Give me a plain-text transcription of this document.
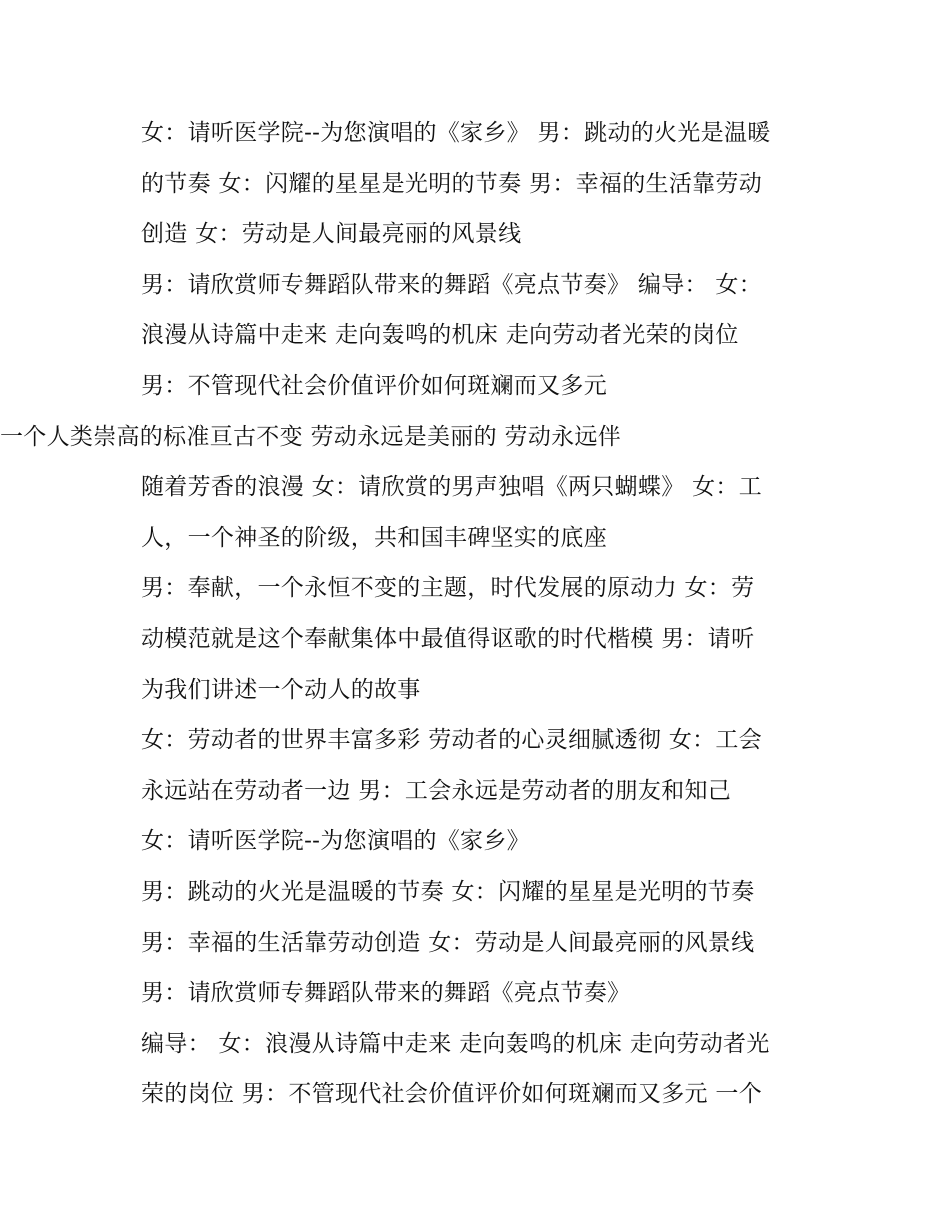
女：请听医学院--为您演唱的《家乡》 男：跳动的火光是温暖
的节奏 女：闪耀的星星是光明的节奏 男：幸福的生活靠劳动
创造 女：劳动是人间最亮丽的风景线
男：请欣赏师专舞蹈队带来的舞蹈《亮点节奏》 编导： 女：
浪漫从诗篇中走来 走向轰鸣的机床 走向劳动者光荣的岗位
男：不管现代社会价值评价如何斑斓而又多元
一个人类崇高的标准亘古不变 劳动永远是美丽的 劳动永远伴
随着芳香的浪漫 女：请欣赏的男声独唱《两只蝴蝶》 女：工
人，一个神圣的阶级，共和国丰碑坚实的底座
男：奉献，一个永恒不变的主题，时代发展的原动力 女：劳
动模范就是这个奉献集体中最值得讴歌的时代楷模 男：请听
为我们讲述一个动人的故事
女：劳动者的世界丰富多彩 劳动者的心灵细腻透彻 女：工会
永远站在劳动者一边 男：工会永远是劳动者的朋友和知己
女：请听医学院--为您演唱的《家乡》
男：跳动的火光是温暖的节奏 女：闪耀的星星是光明的节奏
男：幸福的生活靠劳动创造 女：劳动是人间最亮丽的风景线
男：请欣赏师专舞蹈队带来的舞蹈《亮点节奏》
编导： 女：浪漫从诗篇中走来 走向轰鸣的机床 走向劳动者光
荣的岗位 男：不管现代社会价值评价如何斑斓而又多元 一个
